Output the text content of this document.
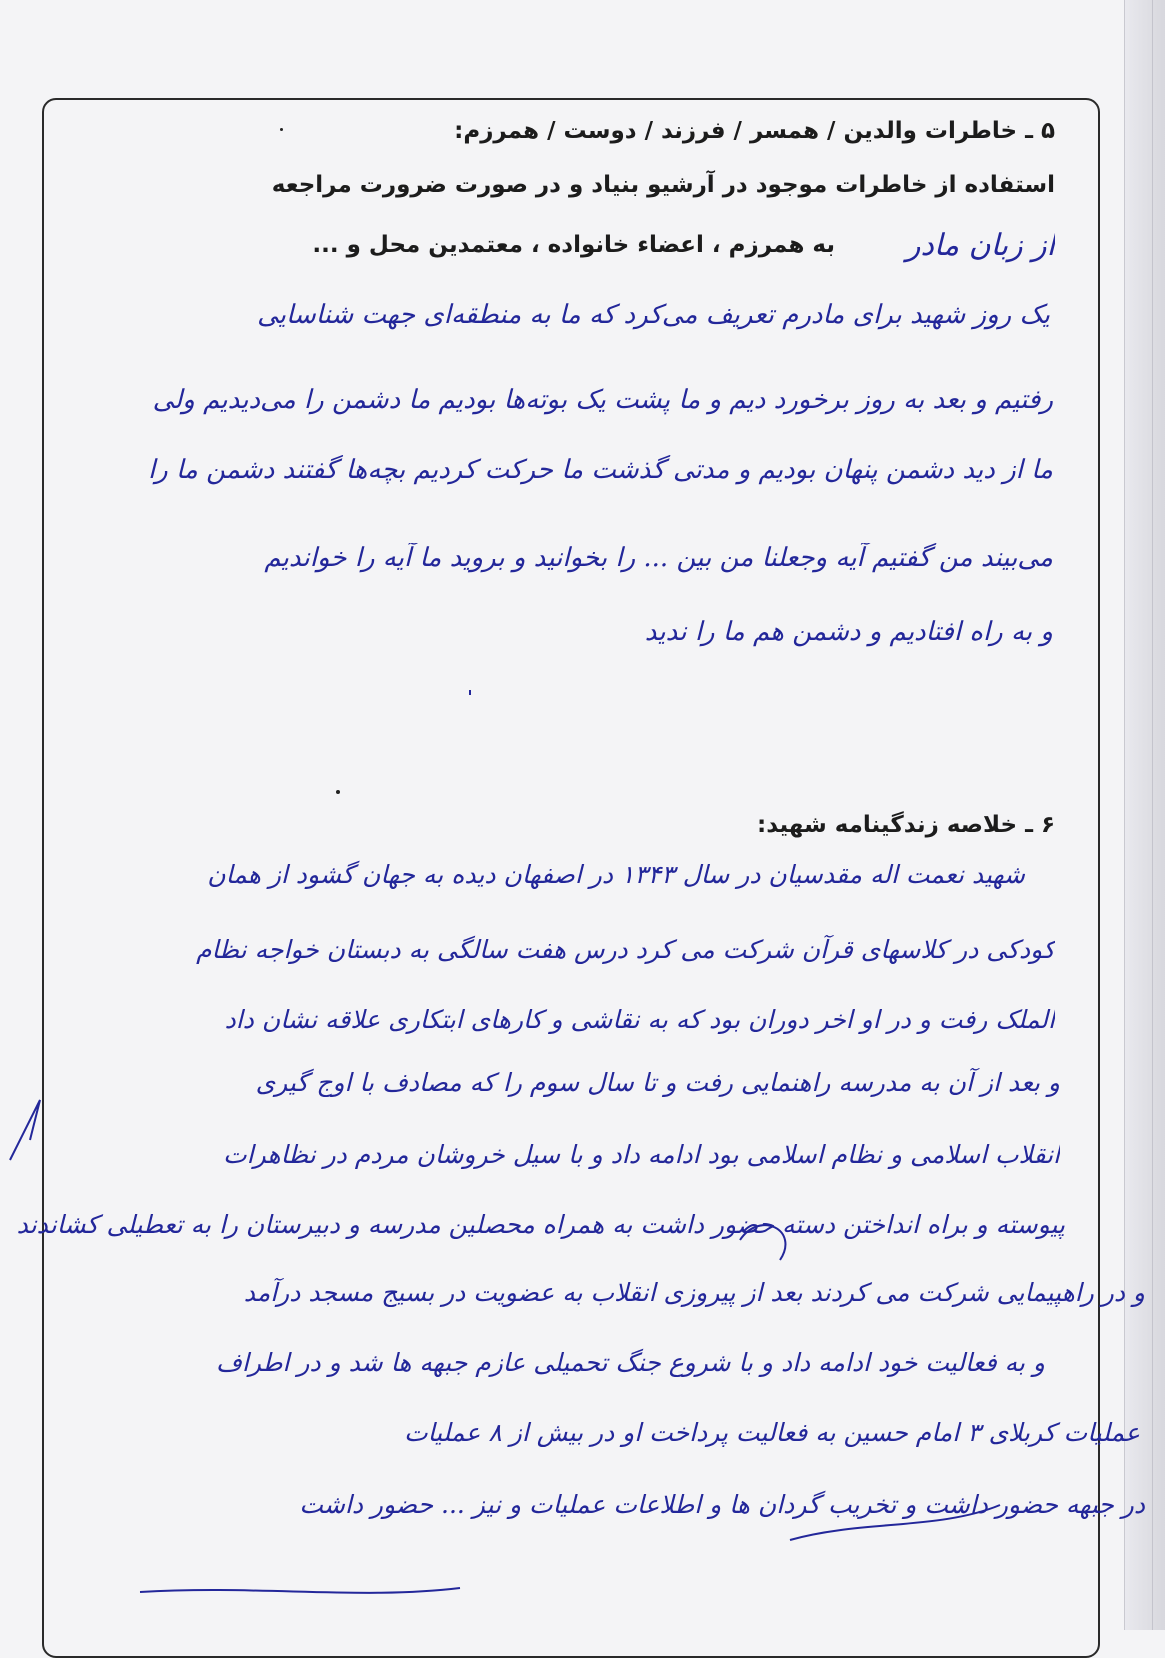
۵ ـ خاطرات والدین / همسر / فرزند / دوست / همرزم:
استفاده از خاطرات موجود در آرشیو بنیاد و در صورت ضرورت مراجعه
به همرزم ، اعضاء خانواده ، معتمدین محل و ...	از زبان مادر
یک روز شهید برای مادرم تعریف می‌کرد که ما به منطقه‌ای جهت شناسایی
رفتیم و بعد به روز برخورد دیم و ما پشت یک بوته‌ها بودیم ما دشمن را می‌دیدیم ولی
ما از دید دشمن پنهان بودیم و مدتی گذشت ما حرکت کردیم بچه‌ها گفتند دشمن ما را
می‌بیند من گفتیم آیه وجعلنا من بین ... را بخوانید و بروید ما آیه را خواندیم
و به راه افتادیم و دشمن هم ما را ندید
۶ ـ خلاصه زندگینامه شهید:
شهید نعمت اله مقدسیان در سال ۱۳۴۳ در اصفهان دیده به جهان گشود از همان
کودکی در کلاسهای قرآن شرکت می کرد درس هفت سالگی به دبستان خواجه نظام
الملک رفت و در او اخر دوران بود که به نقاشی و کارهای ابتکاری علاقه نشان داد
و بعد از آن به مدرسه راهنمایی رفت و تا سال سوم را که مصادف با اوج گیری
انقلاب اسلامی و نظام اسلامی بود ادامه داد و با سیل خروشان مردم در نظاهرات
پیوسته و براه انداختن دسته حضور داشت به همراه محصلین مدرسه و دبیرستان را به تعطیلی کشاندند
و در راهپیمایی شرکت می کردند بعد از پیروزی انقلاب به عضویت در بسیج مسجد درآمد
و به فعالیت خود ادامه داد و با شروع جنگ تحمیلی عازم جبهه ها شد و در اطراف
عملیات کربلای ۳ امام حسین به فعالیت پرداخت او در بیش از ۸ عملیات
در جبهه حضور داشت و تخریب گردان ها و اطلاعات عملیات و نیز ... حضور داشت
